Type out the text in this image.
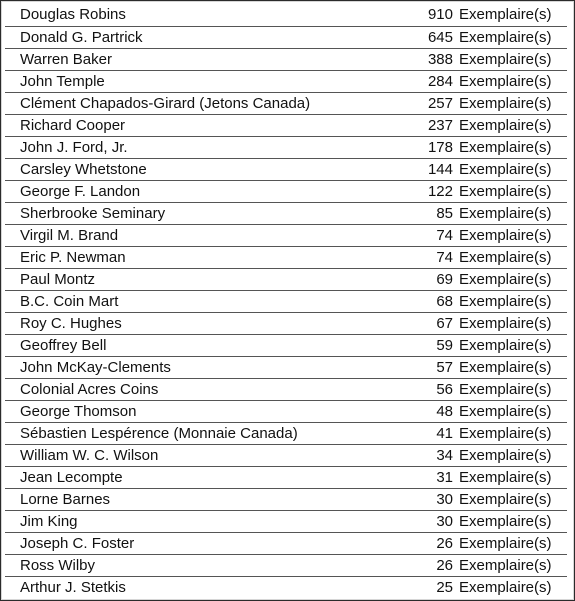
Douglas Robins	910	Exemplaire(s)
Donald G. Partrick	645	Exemplaire(s)
Warren Baker	388	Exemplaire(s)
John Temple	284	Exemplaire(s)
Clément Chapados-Girard (Jetons Canada)	257	Exemplaire(s)
Richard Cooper	237	Exemplaire(s)
John J. Ford, Jr.	178	Exemplaire(s)
Carsley Whetstone	144	Exemplaire(s)
George F. Landon	122	Exemplaire(s)
Sherbrooke Seminary	85	Exemplaire(s)
Virgil M. Brand	74	Exemplaire(s)
Eric P. Newman	74	Exemplaire(s)
Paul Montz	69	Exemplaire(s)
B.C. Coin Mart	68	Exemplaire(s)
Roy C. Hughes	67	Exemplaire(s)
Geoffrey Bell	59	Exemplaire(s)
John McKay-Clements	57	Exemplaire(s)
Colonial Acres Coins	56	Exemplaire(s)
George Thomson	48	Exemplaire(s)
Sébastien Lespérence (Monnaie Canada)	41	Exemplaire(s)
William W. C. Wilson	34	Exemplaire(s)
Jean Lecompte	31	Exemplaire(s)
Lorne Barnes	30	Exemplaire(s)
Jim King	30	Exemplaire(s)
Joseph C. Foster	26	Exemplaire(s)
Ross Wilby	26	Exemplaire(s)
Arthur J. Stetkis	25	Exemplaire(s)
